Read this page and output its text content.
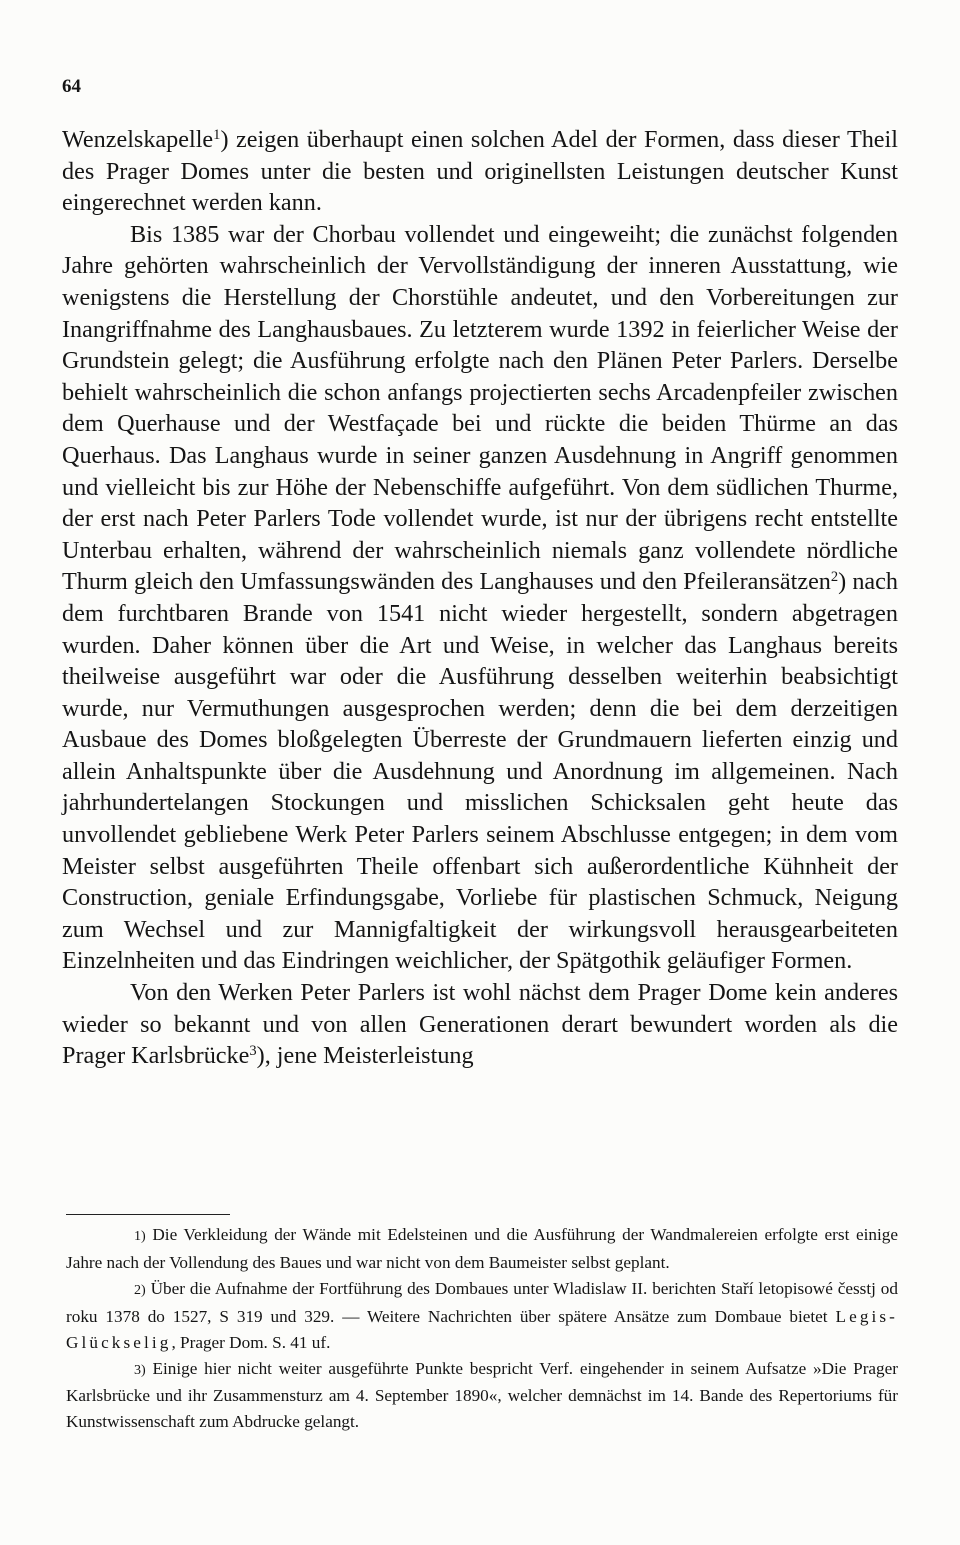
64

Wenzelskapelle$^1$) zeigen überhaupt einen solchen Adel der Formen, dass dieser Theil des Prager Domes unter die besten und originellsten Leistungen deutscher Kunst eingerechnet werden kann.

Bis 1385 war der Chorbau vollendet und eingeweiht; die zunächst folgenden Jahre gehörten wahrscheinlich der Vervollständigung der inneren Ausstattung, wie wenigstens die Herstellung der Chorstühle andeutet, und den Vorbereitungen zur Inangriffnahme des Langhausbaues. Zu letzterem wurde 1392 in feierlicher Weise der Grundstein gelegt; die Ausführung erfolgte nach den Plänen Peter Parlers. Derselbe behielt wahrscheinlich die schon anfangs projectierten sechs Arcadenpfeiler zwischen dem Querhause und der Westfaçade bei und rückte die beiden Thürme an das Querhaus. Das Langhaus wurde in seiner ganzen Ausdehnung in Angriff genommen und vielleicht bis zur Höhe der Nebenschiffe aufgeführt. Von dem südlichen Thurme, der erst nach Peter Parlers Tode vollendet wurde, ist nur der übrigens recht entstellte Unterbau erhalten, während der wahrscheinlich niemals ganz vollendete nördliche Thurm gleich den Umfassungswänden des Langhauses und den Pfeileransätzen$^2$) nach dem furchtbaren Brande von 1541 nicht wieder hergestellt, sondern abgetragen wurden. Daher können über die Art und Weise, in welcher das Langhaus bereits theilweise ausgeführt war oder die Ausführung desselben weiterhin beabsichtigt wurde, nur Vermuthungen ausgesprochen werden; denn die bei dem derzeitigen Ausbaue des Domes bloßgelegten Überreste der Grundmauern lieferten einzig und allein Anhaltspunkte über die Ausdehnung und Anordnung im allgemeinen. Nach jahrhundertelangen Stockungen und misslichen Schicksalen geht heute das unvollendet gebliebene Werk Peter Parlers seinem Abschlusse entgegen; in dem vom Meister selbst ausgeführten Theile offenbart sich außerordentliche Kühnheit der Construction, geniale Erfindungsgabe, Vorliebe für plastischen Schmuck, Neigung zum Wechsel und zur Mannigfaltigkeit der wirkungsvoll herausgearbeiteten Einzelnheiten und das Eindringen weichlicher, der Spätgothik geläufiger Formen.

Von den Werken Peter Parlers ist wohl nächst dem Prager Dome kein anderes wieder so bekannt und von allen Generationen derart bewundert worden als die Prager Karlsbrücke$^3$), jene Meisterleistung

1) Die Verkleidung der Wände mit Edelsteinen und die Ausführung der Wandmalereien erfolgte erst einige Jahre nach der Vollendung des Baues und war nicht von dem Baumeister selbst geplant.

2) Über die Aufnahme der Fortführung des Dombaues unter Wladislaw II. berichten Staří letopisowé česstj od roku 1378 do 1527, S 319 und 329. — Weitere Nachrichten über spätere Ansätze zum Dombaue bietet Legis-Glückselig, Prager Dom. S. 41 uf.

3) Einige hier nicht weiter ausgeführte Punkte bespricht Verf. eingehender in seinem Aufsatze »Die Prager Karlsbrücke und ihr Zusammensturz am 4. September 1890«, welcher demnächst im 14. Bande des Repertoriums für Kunstwissenschaft zum Abdrucke gelangt.
